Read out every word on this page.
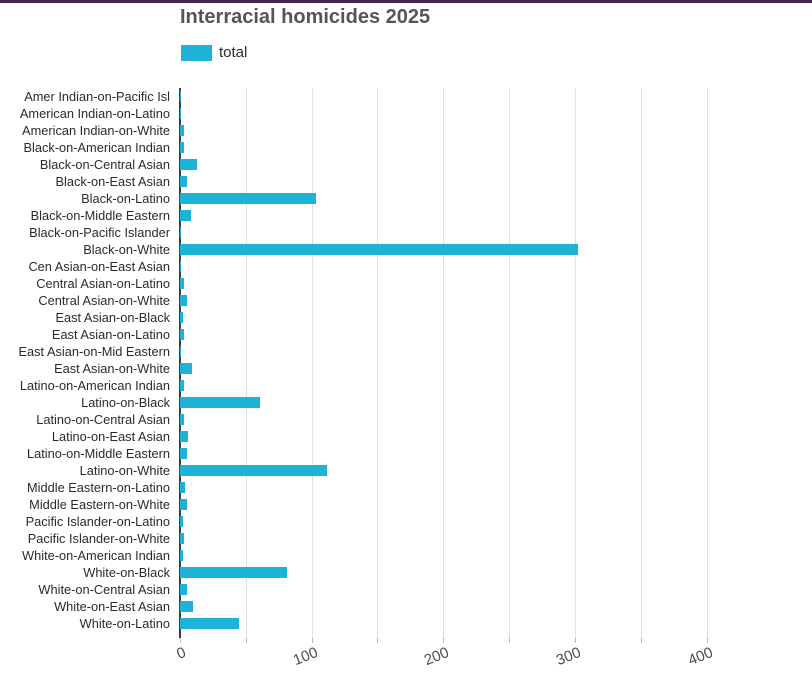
Interracial homicides 2025
total
Amer Indian-on-Pacific Isl
American Indian-on-Latino
American Indian-on-White
Black-on-American Indian
Black-on-Central Asian
Black-on-East Asian
Black-on-Latino
Black-on-Middle Eastern
Black-on-Pacific Islander
Black-on-White
Cen Asian-on-East Asian
Central Asian-on-Latino
Central Asian-on-White
East Asian-on-Black
East Asian-on-Latino
East Asian-on-Mid Eastern
East Asian-on-White
Latino-on-American Indian
Latino-on-Black
Latino-on-Central Asian
Latino-on-East Asian
Latino-on-Middle Eastern
Latino-on-White
Middle Eastern-on-Latino
Middle Eastern-on-White
Pacific Islander-on-Latino
Pacific Islander-on-White
White-on-American Indian
White-on-Black
White-on-Central Asian
White-on-East Asian
White-on-Latino
0	100	200	300	400
